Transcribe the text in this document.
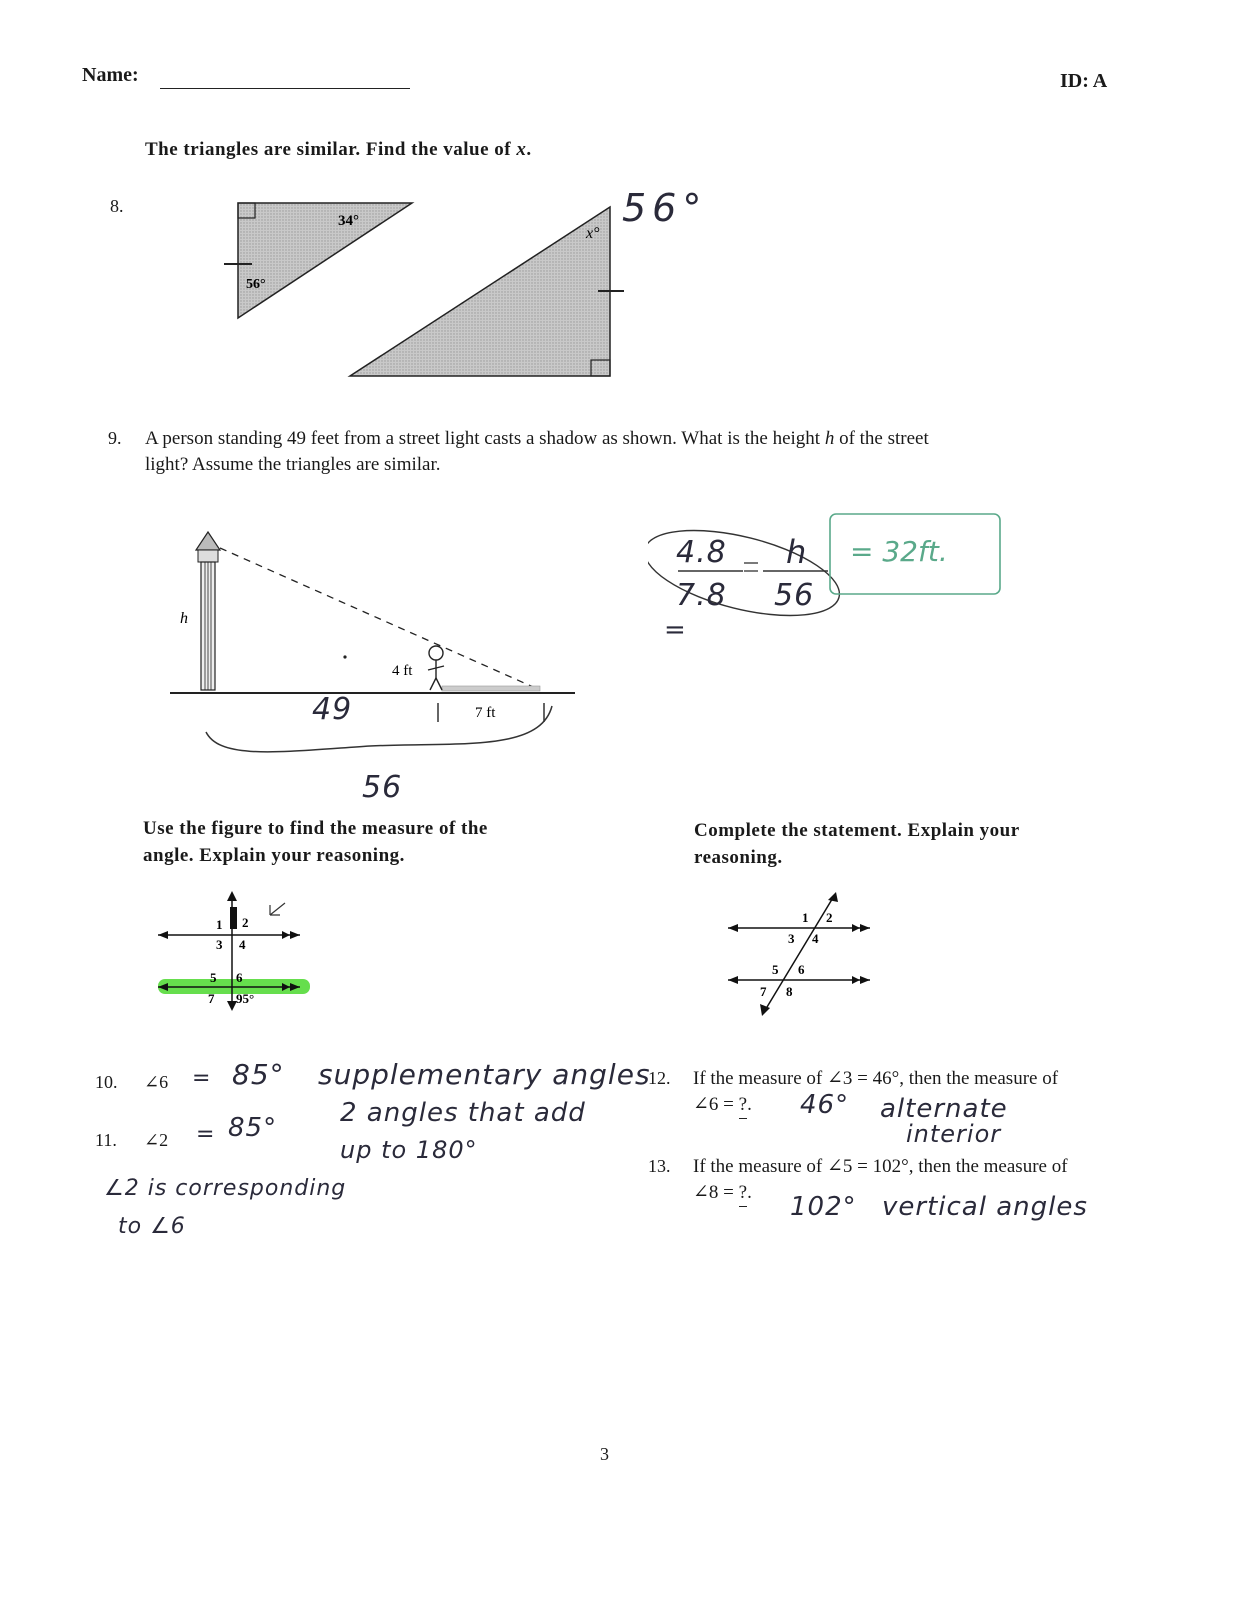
Name:	ID: A
The triangles are similar. Find the value of x.
8.
34°
56°
x°
56°
9. A person standing 49 feet from a street light casts a shadow as shown. What is the height h of the street
light? Assume the triangles are similar.
h
4 ft
7 ft
49
56
4.8
7.8
h
56
=
= 32ft.
Use the figure to find the measure of the
angle. Explain your reasoning.
Complete the statement. Explain your
reasoning.
1 2
3 4
5 6
7 95°
1 2
3 4
5 6
7 8
10. ∠6 = 85° supplementary angles
11. ∠2 = 85° 2 angles that add
up to 180°
∠2 is corresponding
to ∠6
12. If the measure of ∠3 = 46°, then the measure of
∠6 = ?.	46° alternate
interior
13. If the measure of ∠5 = 102°, then the measure of
∠8 = ?.	102° vertical angles
3
